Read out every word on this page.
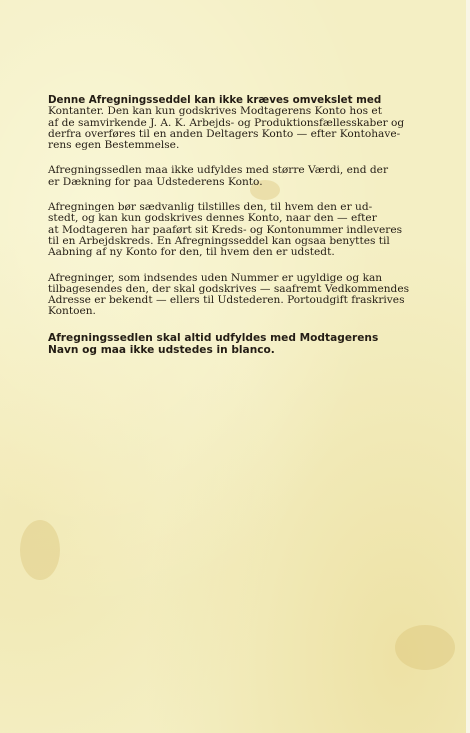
Denne Afregningsseddel kan ikke kræves omvekslet med
Kontanter. Den kan kun godskrives Modtagerens Konto hos et
af de samvirkende J. A. K. Arbejds- og Produktionsfællesskaber og
derfra overføres til en anden Deltagers Konto — efter Kontohave-
rens egen Bestemmelse.
Afregningssedlen maa ikke udfyldes med større Værdi, end der
er Dækning for paa Udstederens Konto.
Afregningen bør sædvanlig tilstilles den, til hvem den er ud-
stedt, og kan kun godskrives dennes Konto, naar den — efter
at Modtageren har paaført sit Kreds- og Kontonummer indleveres
til en Arbejdskreds. En Afregningsseddel kan ogsaa benyttes til
Aabning af ny Konto for den, til hvem den er udstedt.
Afregninger, som indsendes uden Nummer er ugyldige og kan
tilbagesendes den, der skal godskrives — saafremt Vedkommendes
Adresse er bekendt — ellers til Udstederen. Portoudgift fraskrives
Kontoen.
Afregningssedlen skal altid udfyldes med Modtagerens
Navn og maa ikke udstedes in blanco.
